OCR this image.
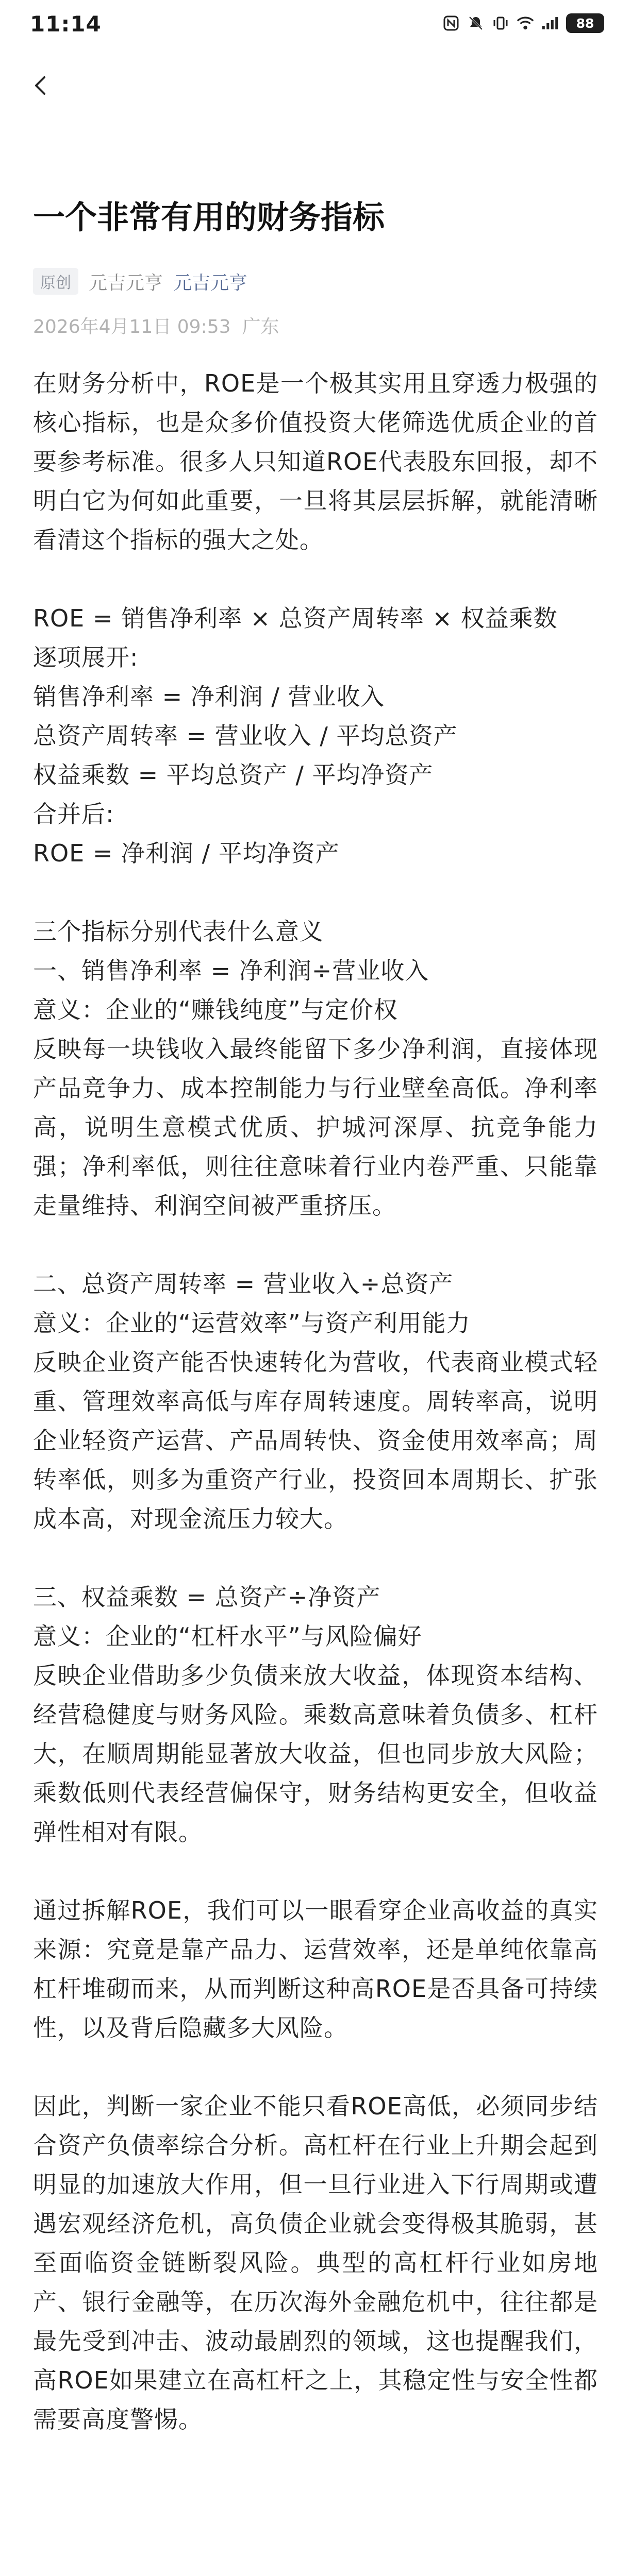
11:14	88
一个非常有用的财务指标
原创 元吉元亨 元吉元亨
2026年4月11日 09:53 广东

在财务分析中，ROE是一个极其实用且穿透力极强的核心指标，也是众多价值投资大佬筛选优质企业的首要参考标准。很多人只知道ROE代表股东回报，却不明白它为何如此重要，一旦将其层层拆解，就能清晰看清这个指标的强大之处。

ROE = 销售净利率 × 总资产周转率 × 权益乘数

逐项展开:

销售净利率 = 净利润 / 营业收入

总资产周转率 = 营业收入 / 平均总资产

权益乘数 = 平均总资产 / 平均净资产

合并后:

ROE = 净利润 / 平均净资产

三个指标分别代表什么意义

一、销售净利率 = 净利润÷营业收入

意义：企业的“赚钱纯度”与定价权

反映每一块钱收入最终能留下多少净利润，直接体现产品竞争力、成本控制能力与行业壁垒高低。净利率高，说明生意模式优质、护城河深厚、抗竞争能力强；净利率低，则往往意味着行业内卷严重、只能靠走量维持、利润空间被严重挤压。

二、总资产周转率 = 营业收入÷总资产

意义：企业的“运营效率”与资产利用能力

反映企业资产能否快速转化为营收，代表商业模式轻重、管理效率高低与库存周转速度。周转率高，说明企业轻资产运营、产品周转快、资金使用效率高；周转率低，则多为重资产行业，投资回本周期长、扩张成本高，对现金流压力较大。

三、权益乘数 = 总资产÷净资产

意义：企业的“杠杆水平”与风险偏好

反映企业借助多少负债来放大收益，体现资本结构、经营稳健度与财务风险。乘数高意味着负债多、杠杆大，在顺周期能显著放大收益，但也同步放大风险；乘数低则代表经营偏保守，财务结构更安全，但收益弹性相对有限。

通过拆解ROE，我们可以一眼看穿企业高收益的真实来源：究竟是靠产品力、运营效率，还是单纯依靠高杠杆堆砌而来，从而判断这种高ROE是否具备可持续性，以及背后隐藏多大风险。

因此，判断一家企业不能只看ROE高低，必须同步结合资产负债率综合分析。高杠杆在行业上升期会起到明显的加速放大作用，但一旦行业进入下行周期或遭遇宏观经济危机，高负债企业就会变得极其脆弱，甚至面临资金链断裂风险。典型的高杠杆行业如房地产、银行金融等，在历次海外金融危机中，往往都是最先受到冲击、波动最剧烈的领域，这也提醒我们，高ROE如果建立在高杠杆之上，其稳定性与安全性都需要高度警惕。
